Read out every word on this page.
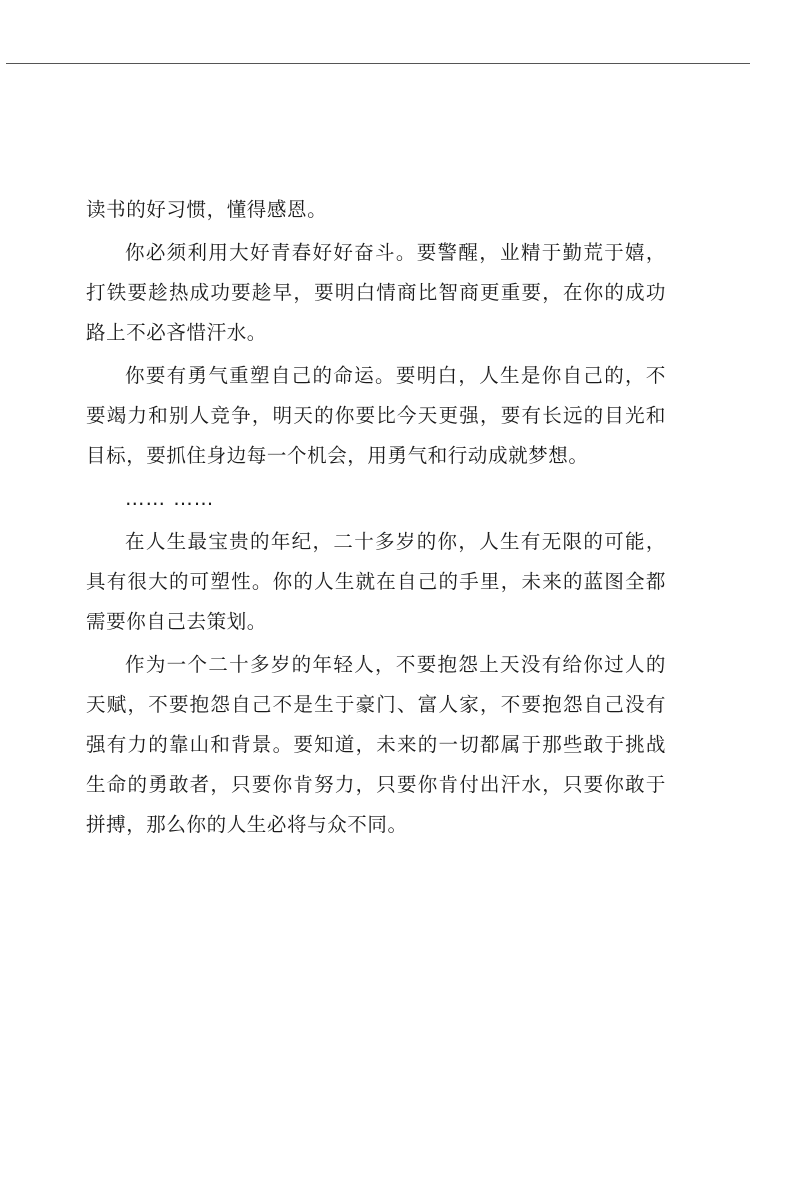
读书的好习惯，懂得感恩。

你必须利用大好青春好好奋斗。要警醒，业精于勤荒于嬉，打铁要趁热成功要趁早，要明白情商比智商更重要，在你的成功路上不必吝惜汗水。

你要有勇气重塑自己的命运。要明白，人生是你自己的，不要竭力和别人竞争，明天的你要比今天更强，要有长远的目光和目标，要抓住身边每一个机会，用勇气和行动成就梦想。

…… ……

在人生最宝贵的年纪，二十多岁的你，人生有无限的可能，具有很大的可塑性。你的人生就在自己的手里，未来的蓝图全都需要你自己去策划。

作为一个二十多岁的年轻人，不要抱怨上天没有给你过人的天赋，不要抱怨自己不是生于豪门、富人家，不要抱怨自己没有强有力的靠山和背景。要知道，未来的一切都属于那些敢于挑战生命的勇敢者，只要你肯努力，只要你肯付出汗水，只要你敢于拼搏，那么你的人生必将与众不同。
